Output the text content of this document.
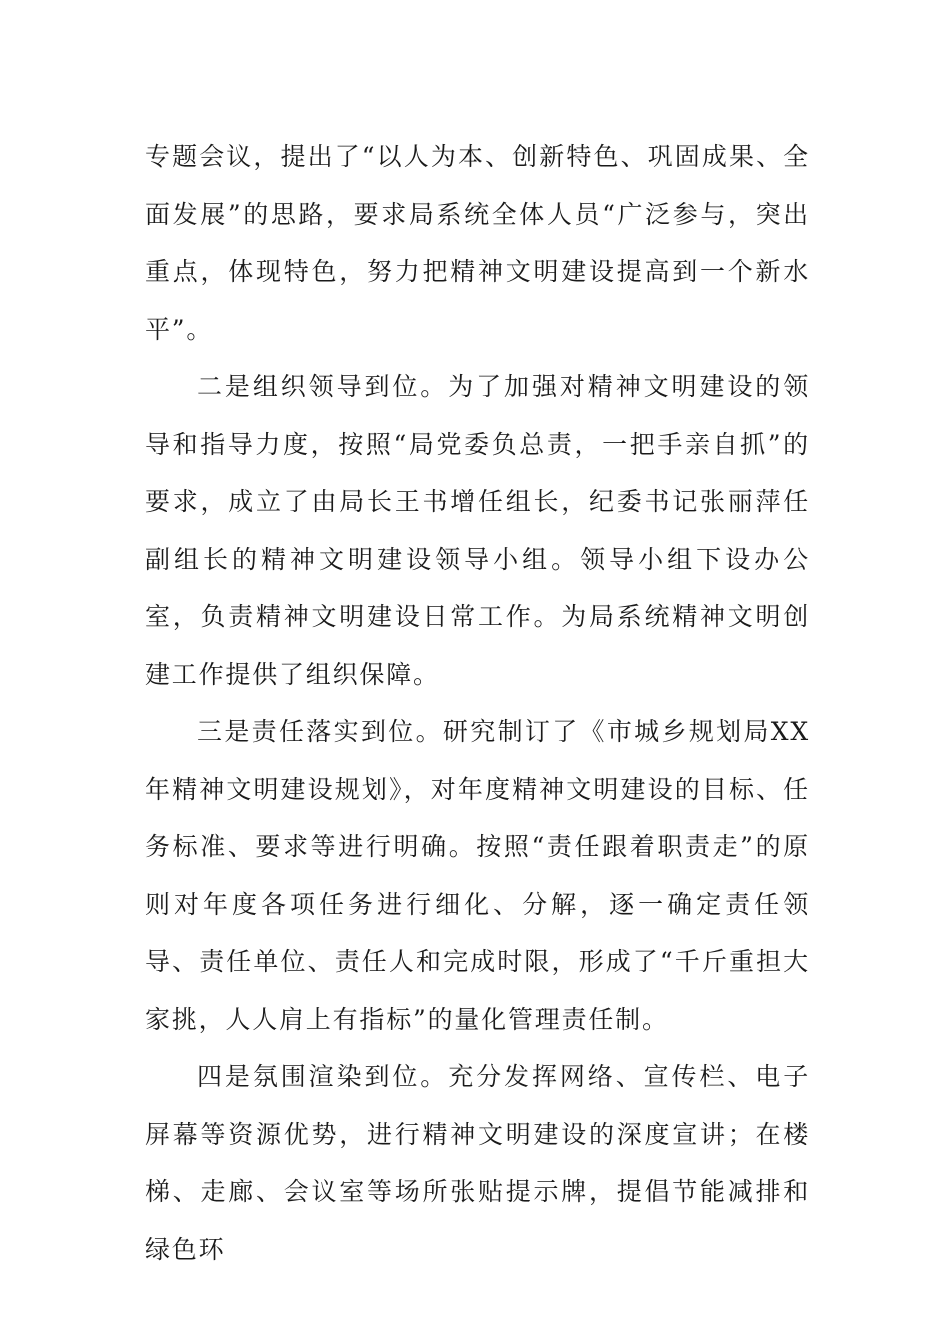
专题会议，提出了“以人为本、创新特色、巩固成果、全面发展”的思路，要求局系统全体人员“广泛参与，突出重点，体现特色，努力把精神文明建设提高到一个新水平”。

二是组织领导到位。为了加强对精神文明建设的领导和指导力度，按照“局党委负总责，一把手亲自抓”的要求，成立了由局长王书增任组长，纪委书记张丽萍任副组长的精神文明建设领导小组。领导小组下设办公室，负责精神文明建设日常工作。为局系统精神文明创建工作提供了组织保障。

三是责任落实到位。研究制订了《市城乡规划局XX年精神文明建设规划》，对年度精神文明建设的目标、任务标准、要求等进行明确。按照“责任跟着职责走”的原则对年度各项任务进行细化、分解，逐一确定责任领导、责任单位、责任人和完成时限，形成了“千斤重担大家挑，人人肩上有指标”的量化管理责任制。

四是氛围渲染到位。充分发挥网络、宣传栏、电子屏幕等资源优势，进行精神文明建设的深度宣讲；在楼梯、走廊、会议室等场所张贴提示牌，提倡节能减排和绿色环
